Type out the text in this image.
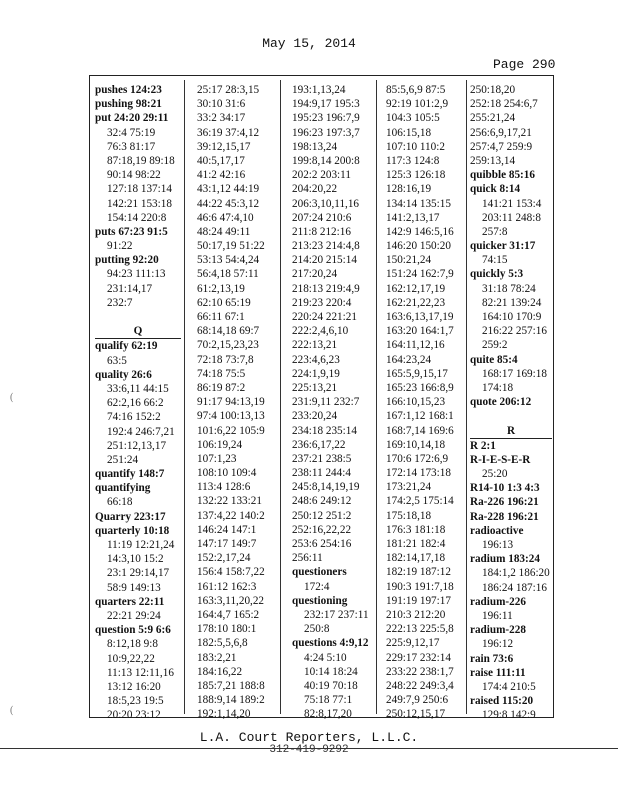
May 15, 2014
Page 290
pushes 124:23
pushing 98:21
put 24:20 29:11
32:4 75:19
76:3 81:17
87:18,19 89:18
90:14 98:22
127:18 137:14
142:21 153:18
154:14 220:8
puts 67:23 91:5
91:22
putting 92:20
94:23 111:13
231:14,17
232:7
Q
qualify 62:19
63:5
quality 26:6
33:6,11 44:15
62:2,16 66:2
74:16 152:2
192:4 246:7,21
251:12,13,17
251:24
quantify 148:7
quantifying
66:18
Quarry 223:17
quarterly 10:18
11:19 12:21,24
14:3,10 15:2
23:1 29:14,17
58:9 149:13
quarters 22:11
22:21 29:24
question 5:9 6:6
8:12,18 9:8
10:9,22,22
11:13 12:11,16
13:12 16:20
18:5,23 19:5
20:20 23:12
25:17 28:3,15
30:10 31:6
33:2 34:17
36:19 37:4,12
39:12,15,17
40:5,17,17
41:2 42:16
43:1,12 44:19
44:22 45:3,12
46:6 47:4,10
48:24 49:11
50:17,19 51:22
53:13 54:4,24
56:4,18 57:11
61:2,13,19
62:10 65:19
66:11 67:1
68:14,18 69:7
70:2,15,23,23
72:18 73:7,8
74:18 75:5
86:19 87:2
91:17 94:13,19
97:4 100:13,13
101:6,22 105:9
106:19,24
107:1,23
108:10 109:4
113:4 128:6
132:22 133:21
137:4,22 140:2
146:24 147:1
147:17 149:7
152:2,17,24
156:4 158:7,22
161:12 162:3
163:3,11,20,22
164:4,7 165:2
178:10 180:1
182:5,5,6,8
183:2,21
184:16,22
185:7,21 188:8
188:9,14 189:2
192:1,14,20
193:1,13,24
194:9,17 195:3
195:23 196:7,9
196:23 197:3,7
198:13,24
199:8,14 200:8
202:2 203:11
204:20,22
206:3,10,11,16
207:24 210:6
211:8 212:16
213:23 214:4,8
214:20 215:14
217:20,24
218:13 219:4,9
219:23 220:4
220:24 221:21
222:2,4,6,10
222:13,21
223:4,6,23
224:1,9,19
225:13,21
231:9,11 232:7
233:20,24
234:18 235:14
236:6,17,22
237:21 238:5
238:11 244:4
245:8,14,19,19
248:6 249:12
250:12 251:2
252:16,22,22
253:6 254:16
256:11
questioners
172:4
questioning
232:17 237:11
250:8
questions 4:9,12
4:24 5:10
10:14 18:24
40:19 70:18
75:18 77:1
82:8,17,20
85:5,6,9 87:5
92:19 101:2,9
104:3 105:5
106:15,18
107:10 110:2
117:3 124:8
125:3 126:18
128:16,19
134:14 135:15
141:2,13,17
142:9 146:5,16
146:20 150:20
150:21,24
151:24 162:7,9
162:12,17,19
162:21,22,23
163:6,13,17,19
163:20 164:1,7
164:11,12,16
164:23,24
165:5,9,15,17
165:23 166:8,9
166:10,15,23
167:1,12 168:1
168:7,14 169:6
169:10,14,18
170:6 172:6,9
172:14 173:18
173:21,24
174:2,5 175:14
175:18,18
176:3 181:18
181:21 182:4
182:14,17,18
182:19 187:12
190:3 191:7,18
191:19 197:17
210:3 212:20
222:13 225:5,8
225:9,12,17
229:17 232:14
233:22 238:1,7
248:22 249:3,4
249:7,9 250:6
250:12,15,17
250:18,20
252:18 254:6,7
255:21,24
256:6,9,17,21
257:4,7 259:9
259:13,14
quibble 85:16
quick 8:14
141:21 153:4
203:11 248:8
257:8
quicker 31:17
74:15
quickly 5:3
31:18 78:24
82:21 139:24
164:10 170:9
216:22 257:16
259:2
quite 85:4
168:17 169:18
174:18
quote 206:12
R
R 2:1
R-I-E-S-E-R
25:20
R14-10 1:3 4:3
Ra-226 196:21
Ra-228 196:21
radioactive
196:13
radium 183:24
184:1,2 186:20
186:24 187:16
radium-226
196:11
radium-228
196:12
rain 73:6
raise 111:11
174:4 210:5
raised 115:20
129:8 142:9
L.A. Court Reporters, L.L.C.
312-419-9292
(
(
